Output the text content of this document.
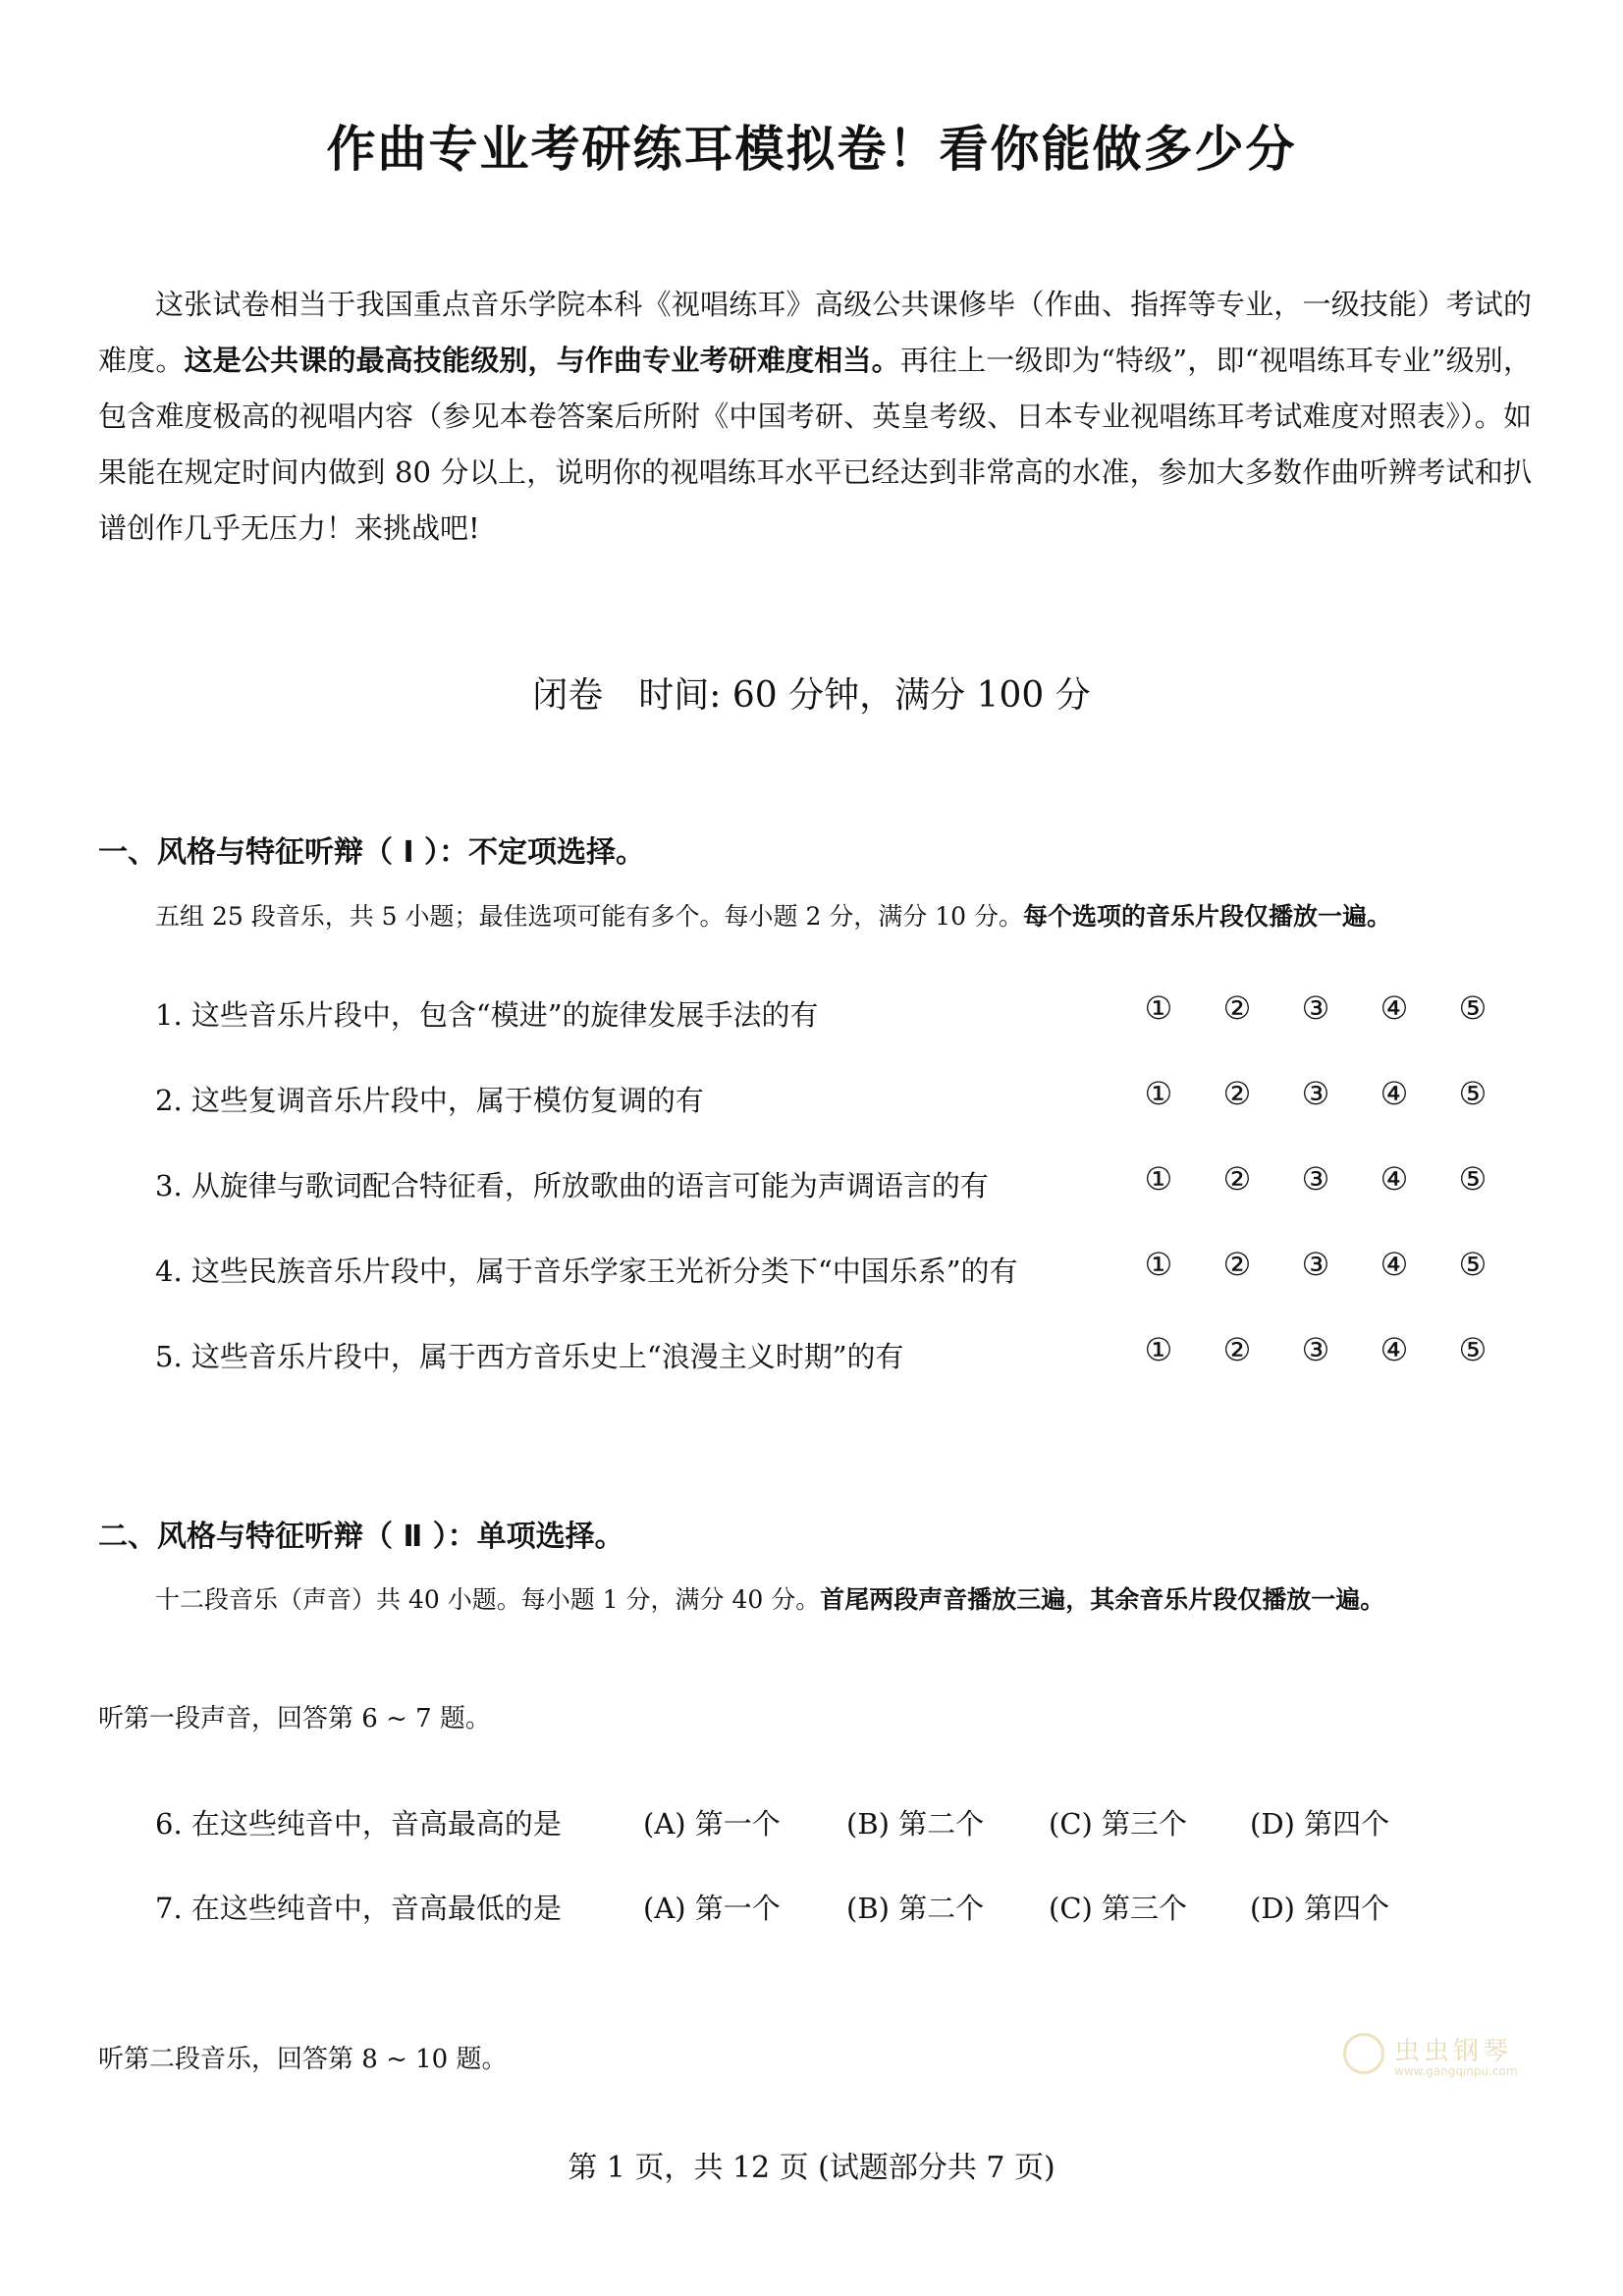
作曲专业考研练耳模拟卷！看你能做多少分
这张试卷相当于我国重点音乐学院本科《视唱练耳》高级公共课修毕（作曲、指挥等专业，一级技能）考试的难度。这是公共课的最高技能级别，与作曲专业考研难度相当。再往上一级即为“特级”，即“视唱练耳专业”级别，包含难度极高的视唱内容（参见本卷答案后所附《中国考研、英皇考级、日本专业视唱练耳考试难度对照表》）。如果能在规定时间内做到 80 分以上，说明你的视唱练耳水平已经达到非常高的水准，参加大多数作曲听辨考试和扒谱创作几乎无压力！来挑战吧!
闭卷　时间: 60 分钟，满分 100 分
一、风格与特征听辩（ Ⅰ ）：不定项选择。
五组 25 段音乐，共 5 小题；最佳选项可能有多个。每小题 2 分，满分 10 分。每个选项的音乐片段仅播放一遍。
1. 这些音乐片段中，包含“模进”的旋律发展手法的有	① ② ③ ④ ⑤
2. 这些复调音乐片段中，属于模仿复调的有	① ② ③ ④ ⑤
3. 从旋律与歌词配合特征看，所放歌曲的语言可能为声调语言的有	① ② ③ ④ ⑤
4. 这些民族音乐片段中，属于音乐学家王光祈分类下“中国乐系”的有	① ② ③ ④ ⑤
5. 这些音乐片段中，属于西方音乐史上“浪漫主义时期”的有	① ② ③ ④ ⑤
二、风格与特征听辩（ Ⅱ ）：单项选择。
十二段音乐（声音）共 40 小题。每小题 1 分，满分 40 分。首尾两段声音播放三遍，其余音乐片段仅播放一遍。
听第一段声音，回答第 6 ~ 7 题。
6. 在这些纯音中，音高最高的是	(A) 第一个 (B) 第二个 (C) 第三个 (D) 第四个
7. 在这些纯音中，音高最低的是	(A) 第一个 (B) 第二个 (C) 第三个 (D) 第四个
听第二段音乐，回答第 8 ~ 10 题。	虫虫钢琴
www.gangqinpu.com
第 1 页，共 12 页 (试题部分共 7 页)
